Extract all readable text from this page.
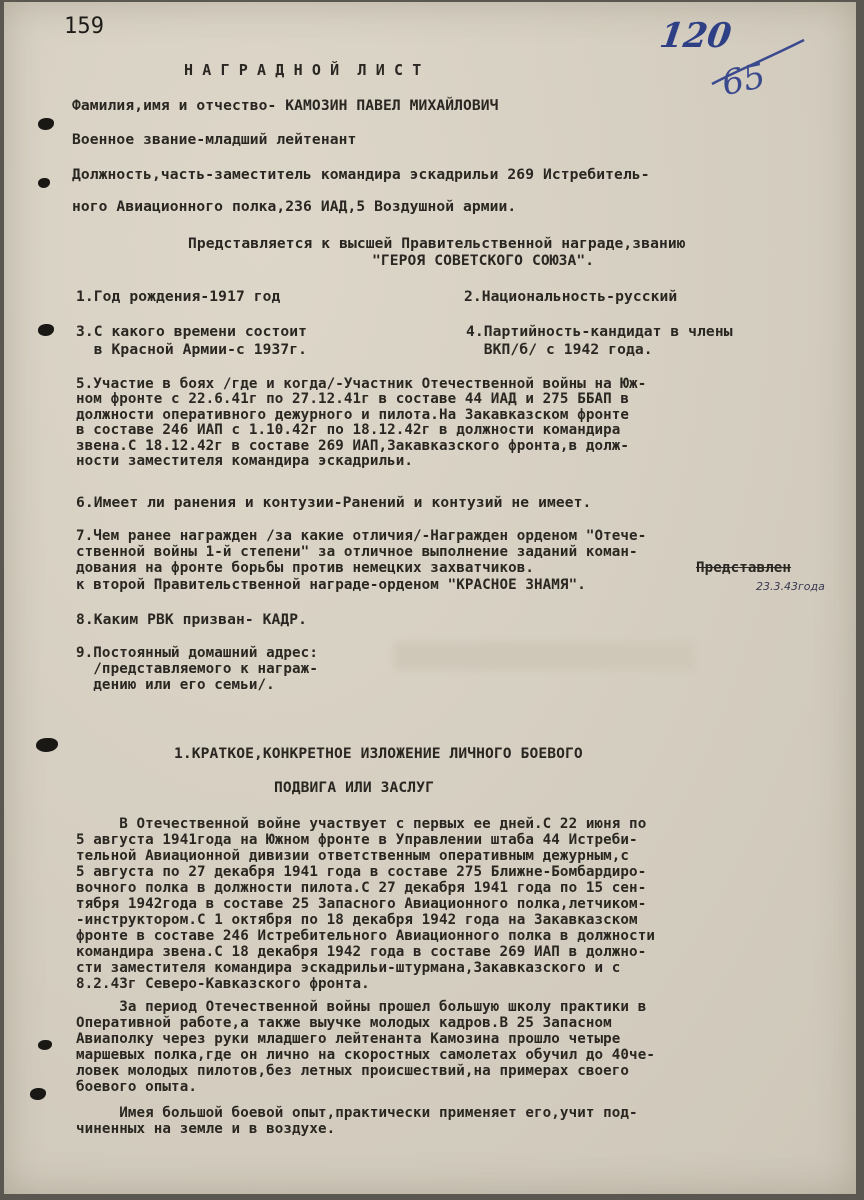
159	120
65
Н А Г Р А Д Н О Й  Л И С Т
Фамилия,имя и отчество- КАМОЗИН ПАВЕЛ МИХАЙЛОВИЧ
Военное звание-младший лейтенант
Должность,часть-заместитель командира эскадрильи 269 Истребитель-
ного Авиационного полка,236 ИАД,5 Воздушной армии.
Представляется к высшей Правительственной награде,званию
"ГЕРОЯ СОВЕТСКОГО СОЮЗА".
1.Год рождения-1917 год	2.Национальность-русский
3.С какого времени состоит
в Красной Армии-с 1937г.
4.Партийность-кандидат в члены
ВКП/б/ с 1942 года.
5.Участие в боях /где и когда/-Участник Отечественной войны на Юж-
ном фронте с 22.6.41г по 27.12.41г в составе 44 ИАД и 275 ББАП в
должности оперативного дежурного и пилота.На Закавказском фронте
в составе 246 ИАП с 1.10.42г по 18.12.42г в должности командира
звена.С 18.12.42г в составе 269 ИАП,Закавказского фронта,в долж-
ности заместителя командира эскадрильи.
6.Имеет ли ранения и контузии-Ранений и контузий не имеет.
7.Чем ранее награжден /за какие отличия/-Награжден орденом "Отече-
ственной войны 1-й степени" за отличное выполнение заданий коман-
дования на фронте борьбы против немецких захватчиков.	Представлен
к второй Правительственной награде-орденом "КРАСНОЕ ЗНАМЯ".	23.3.43года
8.Каким РВК призван- КАДР.
9.Постоянный домашний адрес:
/представляемого к награж-
дению или его семьи/.
1.КРАТКОЕ,КОНКРЕТНОЕ ИЗЛОЖЕНИЕ ЛИЧНОГО БОЕВОГО
ПОДВИГА ИЛИ ЗАСЛУГ
В Отечественной войне участвует с первых ее дней.С 22 июня по
5 августа 1941года на Южном фронте в Управлении штаба 44 Истреби-
тельной Авиационной дивизии ответственным оперативным дежурным,с
5 августа по 27 декабря 1941 года в составе 275 Ближне-Бомбардиро-
вочного полка в должности пилота.С 27 декабря 1941 года по 15 сен-
тября 1942года в составе 25 Запасного Авиационного полка,летчиком-
-инструктором.С 1 октября по 18 декабря 1942 года на Закавказском
фронте в составе 246 Истребительного Авиационного полка в должности
командира звена.С 18 декабря 1942 года в составе 269 ИАП в должно-
сти заместителя командира эскадрильи-штурмана,Закавказского и с
8.2.43г Северо-Кавказского фронта.
За период Отечественной войны прошел большую школу практики в
Оперативной работе,а также выучке молодых кадров.В 25 Запасном
Авиаполку через руки младшего лейтенанта Камозина прошло четыре
маршевых полка,где он лично на скоростных самолетах обучил до 40че-
ловек молодых пилотов,без летных происшествий,на примерах своего
боевого опыта.
Имея большой боевой опыт,практически применяет его,учит под-
чиненных на земле и в воздухе.
